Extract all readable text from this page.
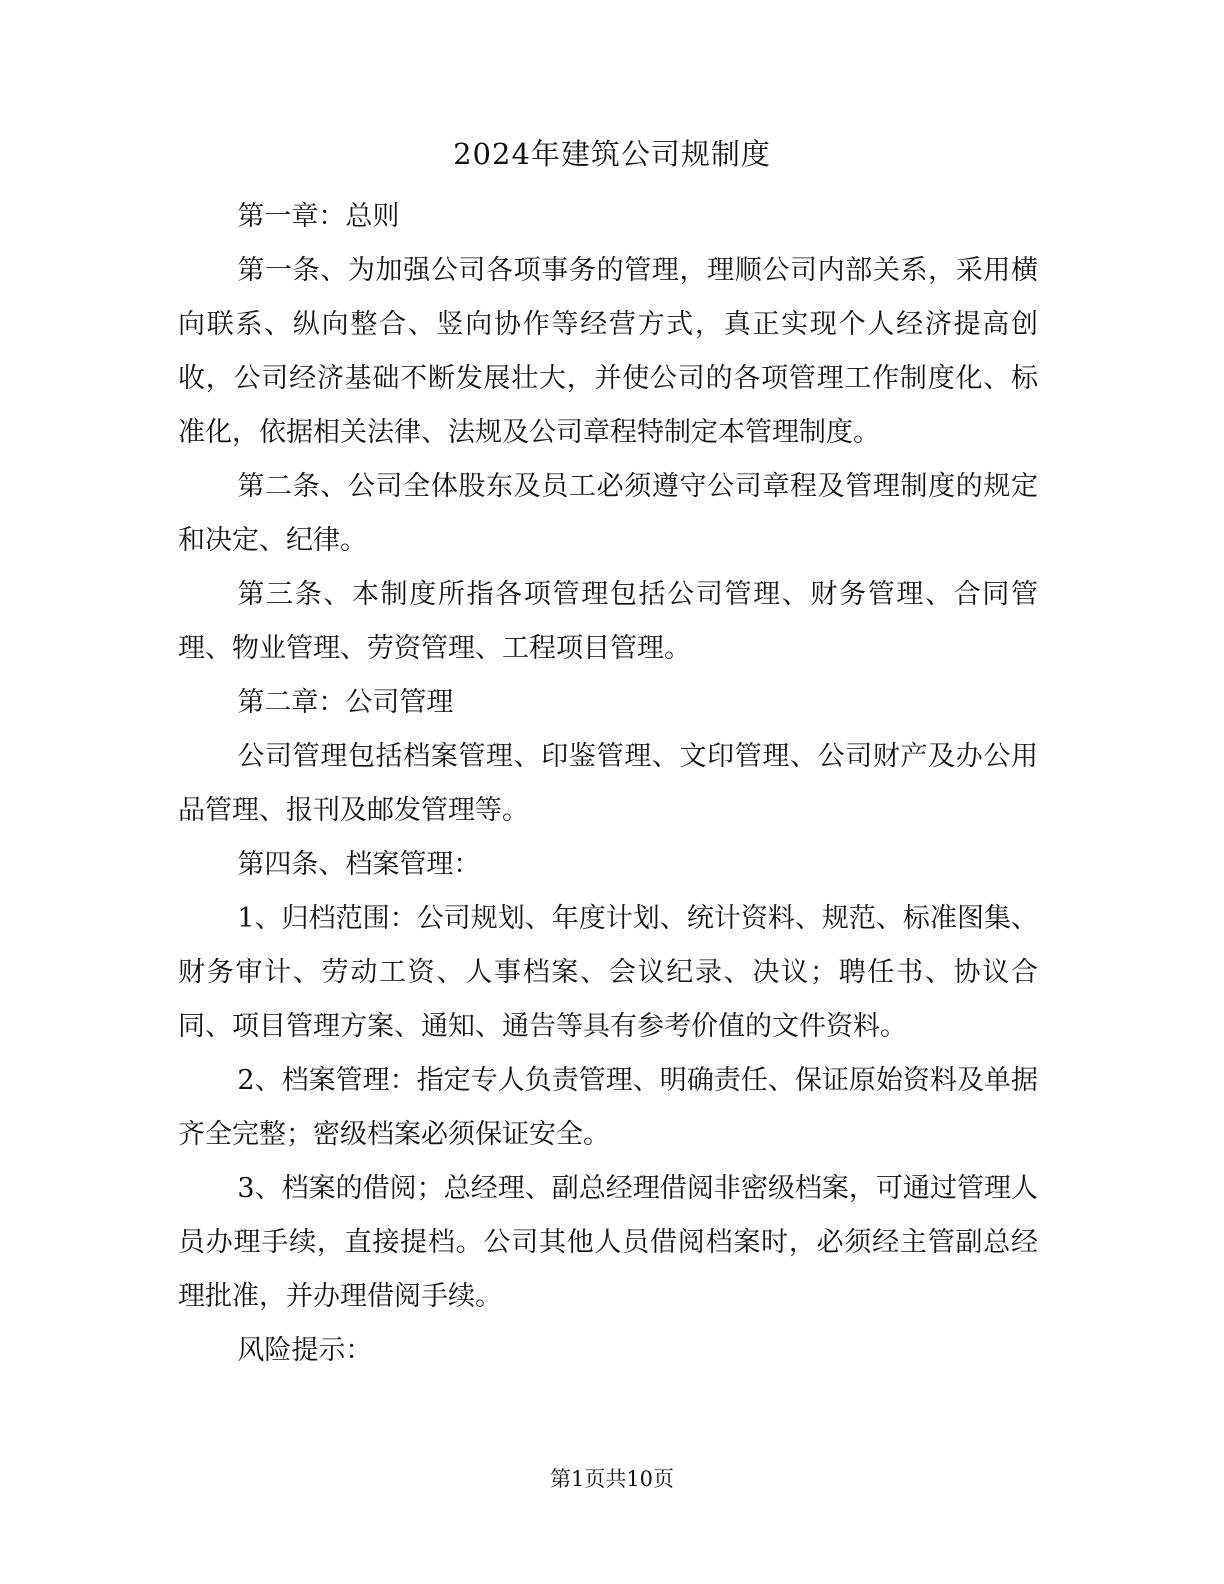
2024年建筑公司规制度

第一章：总则

第一条、为加强公司各项事务的管理，理顺公司内部关系，采用横向联系、纵向整合、竖向协作等经营方式，真正实现个人经济提高创收，公司经济基础不断发展壮大，并使公司的各项管理工作制度化、标准化，依据相关法律、法规及公司章程特制定本管理制度。

第二条、公司全体股东及员工必须遵守公司章程及管理制度的规定和决定、纪律。

第三条、本制度所指各项管理包括公司管理、财务管理、合同管理、物业管理、劳资管理、工程项目管理。

第二章：公司管理

公司管理包括档案管理、印鉴管理、文印管理、公司财产及办公用品管理、报刊及邮发管理等。

第四条、档案管理：

1、归档范围：公司规划、年度计划、统计资料、规范、标准图集、财务审计、劳动工资、人事档案、会议纪录、决议；聘任书、协议合同、项目管理方案、通知、通告等具有参考价值的文件资料。

2、档案管理：指定专人负责管理、明确责任、保证原始资料及单据齐全完整；密级档案必须保证安全。

3、档案的借阅；总经理、副总经理借阅非密级档案，可通过管理人员办理手续，直接提档。公司其他人员借阅档案时，必须经主管副总经理批准，并办理借阅手续。

风险提示：

第1页共10页
